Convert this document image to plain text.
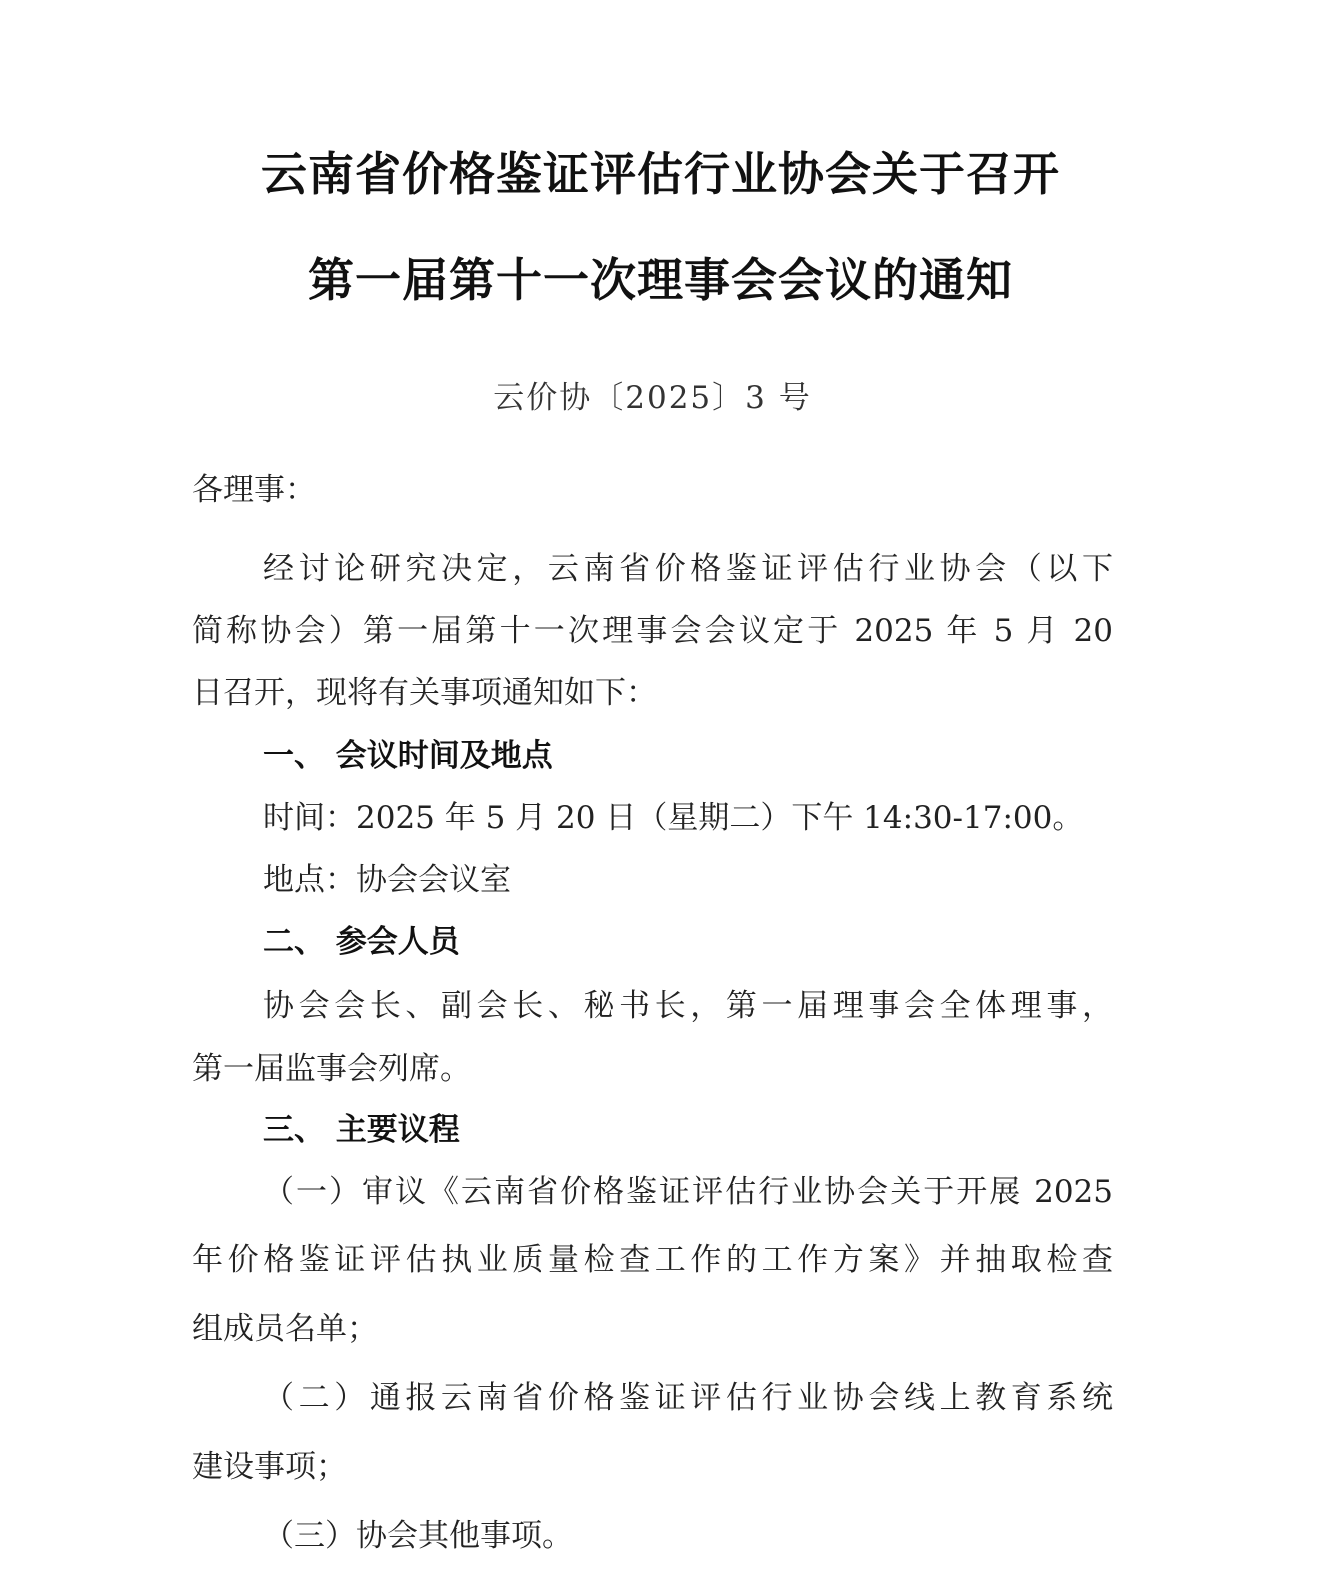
云南省价格鉴证评估行业协会关于召开
第一届第十一次理事会会议的通知
云价协〔2025〕3 号
各理事：
经讨论研究决定，云南省价格鉴证评估行业协会（以下
简称协会）第一届第十一次理事会会议定于 2025 年 5 月 20
日召开，现将有关事项通知如下：
一、 会议时间及地点
时间：2025 年 5 月 20 日（星期二）下午 14:30-17:00。
地点：协会会议室
二、 参会人员
协会会长、副会长、秘书长，第一届理事会全体理事，
第一届监事会列席。
三、 主要议程
（一）审议《云南省价格鉴证评估行业协会关于开展 2025
年价格鉴证评估执业质量检查工作的工作方案》并抽取检查
组成员名单；
（二）通报云南省价格鉴证评估行业协会线上教育系统
建设事项；
（三）协会其他事项。
